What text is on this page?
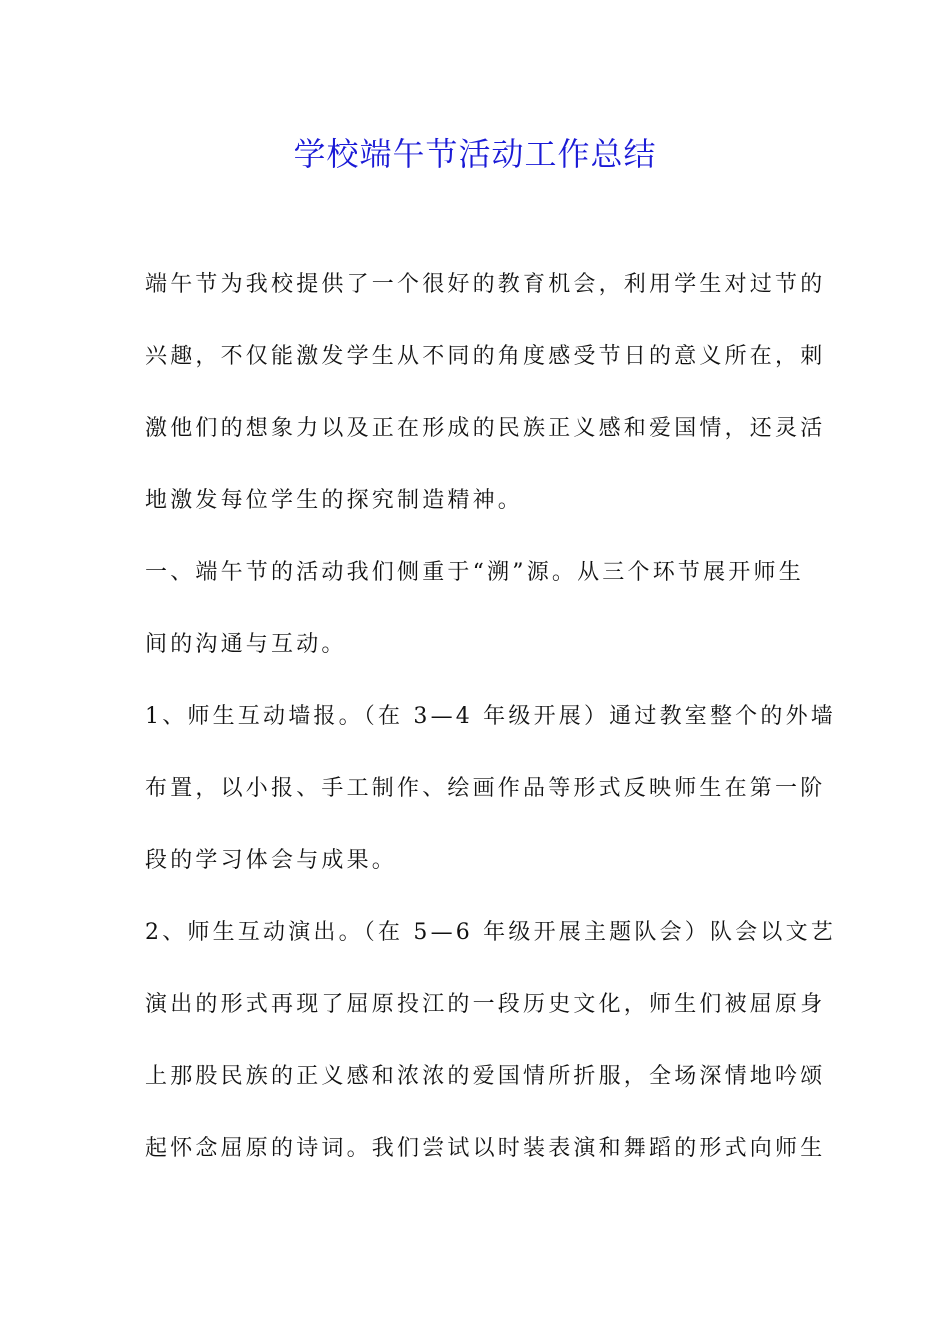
学校端午节活动工作总结
端午节为我校提供了一个很好的教育机会，利用学生对过节的
兴趣，不仅能激发学生从不同的角度感受节日的意义所在，刺
激他们的想象力以及正在形成的民族正义感和爱国情，还灵活
地激发每位学生的探究制造精神。
一、端午节的活动我们侧重于“溯”源。从三个环节展开师生
间的沟通与互动。
1、师生互动墙报。（在 3—4 年级开展）通过教室整个的外墙
布置，以小报、手工制作、绘画作品等形式反映师生在第一阶
段的学习体会与成果。
2、师生互动演出。（在 5—6 年级开展主题队会）队会以文艺
演出的形式再现了屈原投江的一段历史文化，师生们被屈原身
上那股民族的正义感和浓浓的爱国情所折服，全场深情地吟颂
起怀念屈原的诗词。我们尝试以时装表演和舞蹈的形式向师生
